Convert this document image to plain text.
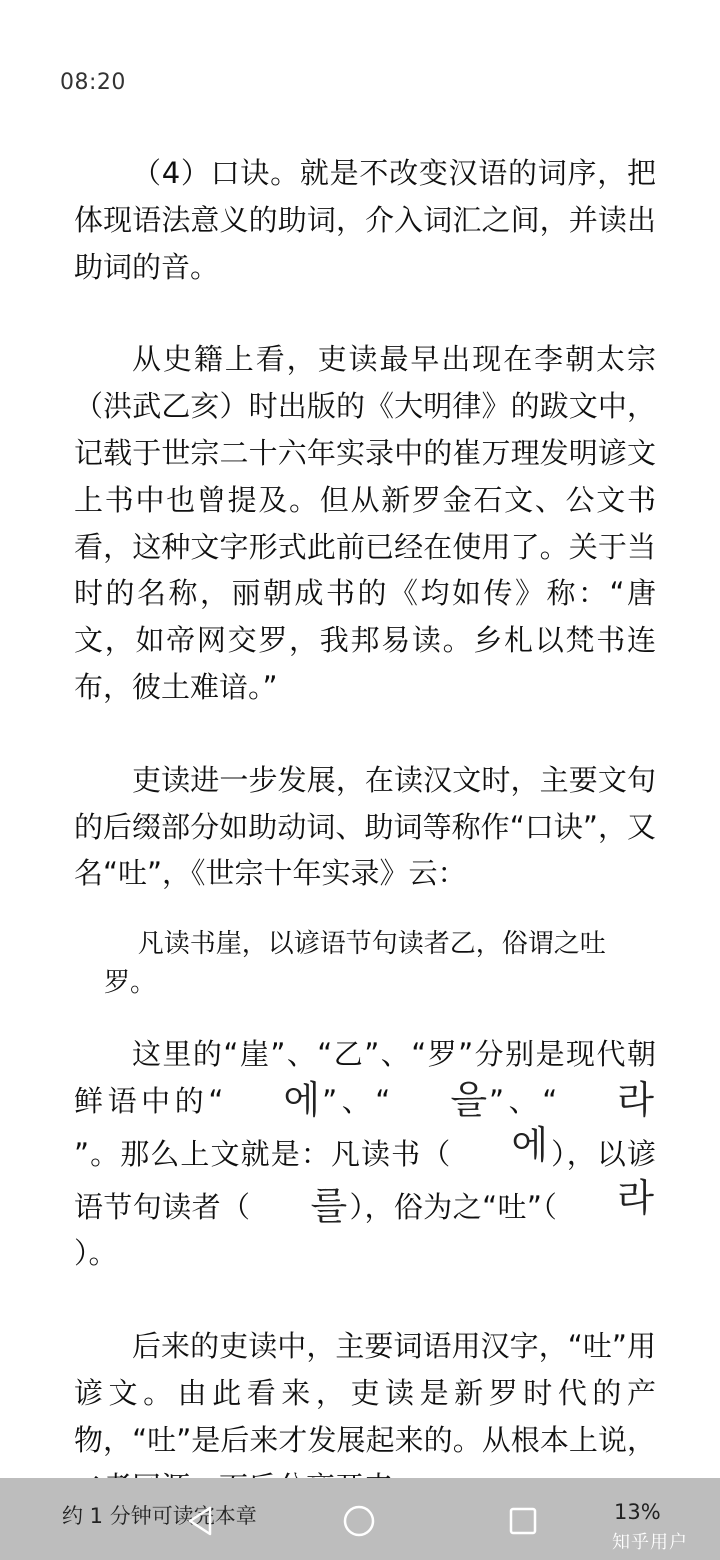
08:20

（4）口诀。就是不改变汉语的词序，把体现语法意义的助词，介入词汇之间，并读出助词的音。

从史籍上看，吏读最早出现在李朝太宗（洪武乙亥）时出版的《大明律》的跋文中，记载于世宗二十六年实录中的崔万理发明谚文上书中也曾提及。但从新罗金石文、公文书看，这种文字形式此前已经在使用了。关于当时的名称，丽朝成书的《均如传》称：“唐文，如帝网交罗，我邦易读。乡札以梵书连布，彼土难谙。”

吏读进一步发展，在读汉文时，主要文句的后缀部分如助动词、助词等称作“口诀”，又名“吐”，《世宗十年实录》云：

凡读书崖，以谚语节句读者乙，俗谓之吐罗。

这里的“崖”、“乙”、“罗”分别是现代朝鲜语中的“ 에”、“ 을”、“ 라”。那么上文就是：凡读书（ 에），以谚语节句读者（ 를），俗为之“吐”（ 라）。

后来的吏读中，主要词语用汉字，“吐”用谚文。由此看来，吏读是新罗时代的产物，“吐”是后来才发展起来的。从根本上说，

约 1 分钟可读完本章	13%
知乎用户
